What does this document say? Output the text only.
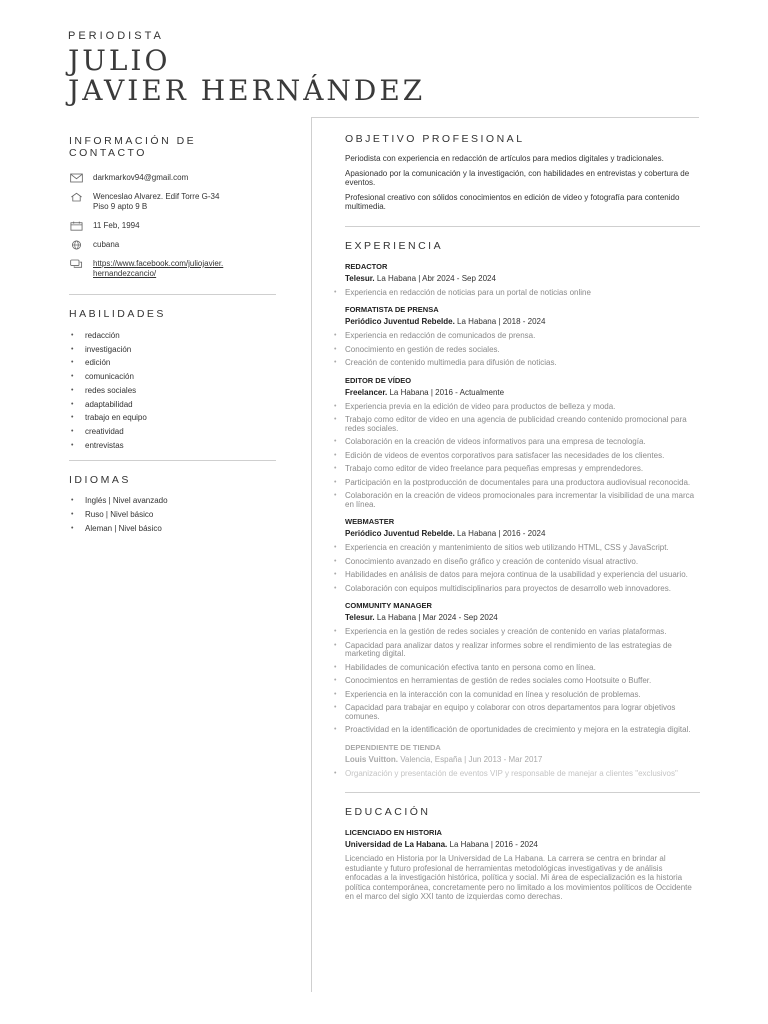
PERIODISTA
JULIO
JAVIER HERNÁNDEZ
INFORMACIÓN DE CONTACTO
darkmarkov94@gmail.com
Wenceslao Alvarez. Edif Torre G-34
Piso 9 apto 9 B
11 Feb, 1994
cubana
https://www.facebook.com/juliojavier.
hernandezcancio/
HABILIDADES
• redacción
• investigación
• edición
• comunicación
• redes sociales
• adaptabilidad
• trabajo en equipo
• creatividad
• entrevistas
IDIOMAS
• Inglés | Nivel avanzado
• Ruso | Nivel básico
• Aleman | Nivel básico
OBJETIVO PROFESIONAL
Periodista con experiencia en redacción de artículos para medios digitales y tradicionales.
Apasionado por la comunicación y la investigación, con habilidades en entrevistas y cobertura de eventos.
Profesional creativo con sólidos conocimientos en edición de video y fotografía para contenido multimedia.
EXPERIENCIA
REDACTOR
Telesur. La Habana | Abr 2024 - Sep 2024
• Experiencia en redacción de noticias para un portal de noticias online
FORMATISTA DE PRENSA
Periódico Juventud Rebelde. La Habana | 2018 - 2024
• Experiencia en redacción de comunicados de prensa.
• Conocimiento en gestión de redes sociales.
• Creación de contenido multimedia para difusión de noticias.
EDITOR DE VÍDEO
Freelancer. La Habana | 2016 - Actualmente
• Experiencia previa en la edición de video para productos de belleza y moda.
• Trabajo como editor de video en una agencia de publicidad creando contenido promocional para redes sociales.
• Colaboración en la creación de videos informativos para una empresa de tecnología.
• Edición de videos de eventos corporativos para satisfacer las necesidades de los clientes.
• Trabajo como editor de video freelance para pequeñas empresas y emprendedores.
• Participación en la postproducción de documentales para una productora audiovisual reconocida.
• Colaboración en la creación de videos promocionales para incrementar la visibilidad de una marca en línea.
WEBMASTER
Periódico Juventud Rebelde. La Habana | 2016 - 2024
• Experiencia en creación y mantenimiento de sitios web utilizando HTML, CSS y JavaScript.
• Conocimiento avanzado en diseño gráfico y creación de contenido visual atractivo.
• Habilidades en análisis de datos para mejora continua de la usabilidad y experiencia del usuario.
• Colaboración con equipos multidisciplinarios para proyectos de desarrollo web innovadores.
COMMUNITY MANAGER
Telesur. La Habana | Mar 2024 - Sep 2024
• Experiencia en la gestión de redes sociales y creación de contenido en varias plataformas.
• Capacidad para analizar datos y realizar informes sobre el rendimiento de las estrategias de marketing digital.
• Habilidades de comunicación efectiva tanto en persona como en línea.
• Conocimientos en herramientas de gestión de redes sociales como Hootsuite o Buffer.
• Experiencia en la interacción con la comunidad en línea y resolución de problemas.
• Capacidad para trabajar en equipo y colaborar con otros departamentos para lograr objetivos comunes.
• Proactividad en la identificación de oportunidades de crecimiento y mejora en la estrategia digital.
DEPENDIENTE DE TIENDA
Louis Vuitton. Valencia, España | Jun 2013 - Mar 2017
• Organización y presentación de eventos VIP y responsable de manejar a clientes "exclusivos"
EDUCACIÓN
LICENCIADO EN HISTORIA
Universidad de La Habana. La Habana | 2016 - 2024
Licenciado en Historia por la Universidad de La Habana. La carrera se centra en brindar al estudiante y futuro profesional de herramientas metodológicas investigativas y de análisis enfocadas a la investigación histórica, política y social. Mi área de especialización es la historia política contemporánea, concretamente pero no limitado a los movimientos políticos de Occidente en el marco del siglo XXI tanto de izquierdas como derechas.
